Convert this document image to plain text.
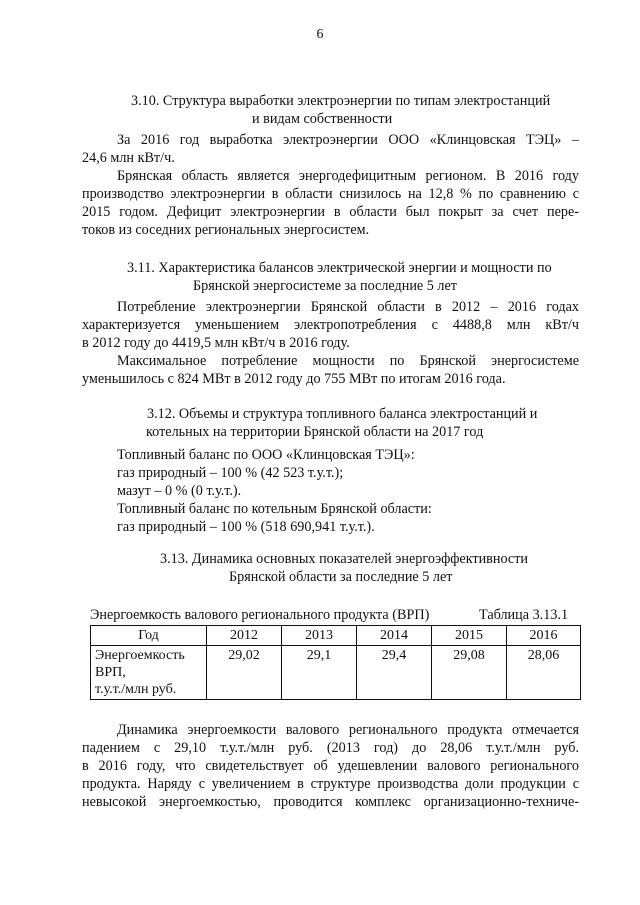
6
3.10. Структура выработки электроэнергии по типам электростанций
и видам собственности
За 2016 год выработка электроэнергии ООО «Клинцовская ТЭЦ» –
24,6 млн кВт/ч.
Брянская область является энергодефицитным регионом. В 2016 году
производство электроэнергии в области снизилось на 12,8 % по сравнению с
2015 годом. Дефицит электроэнергии в области был покрыт за счет пере-
токов из соседних региональных энергосистем.
3.11. Характеристика балансов электрической энергии и мощности по
Брянской энергосистеме за последние 5 лет
Потребление электроэнергии Брянской области в 2012 – 2016 годах
характеризуется уменьшением электропотребления с 4488,8 млн кВт/ч
в 2012 году до 4419,5 млн кВт/ч в 2016 году.
Максимальное потребление мощности по Брянской энергосистеме
уменьшилось с 824 МВт в 2012 году до 755 МВт по итогам 2016 года.
3.12. Объемы и структура топливного баланса электростанций и
котельных на территории Брянской области на 2017 год
Топливный баланс по ООО «Клинцовская ТЭЦ»:
газ природный – 100 % (42 523 т.у.т.);
мазут – 0 % (0 т.у.т.).
Топливный баланс по котельным Брянской области:
газ природный – 100 % (518 690,941 т.у.т.).
3.13. Динамика основных показателей энергоэффективности
Брянской области за последние 5 лет
Энергоемкость валового регионального продукта (ВРП)	Таблица 3.13.1
Год	2012	2013	2014	2015	2016

Энергоемкость
ВРП,
т.у.т./млн руб.	29,02	29,1	29,4	29,08	28,06
Динамика энергоемкости валового регионального продукта отмечается
падением с 29,10 т.у.т./млн руб. (2013 год) до 28,06 т.у.т./млн руб.
в 2016 году, что свидетельствует об удешевлении валового регионального
продукта. Наряду с увеличением в структуре производства доли продукции с
невысокой энергоемкостью, проводится комплекс организационно-техниче-
